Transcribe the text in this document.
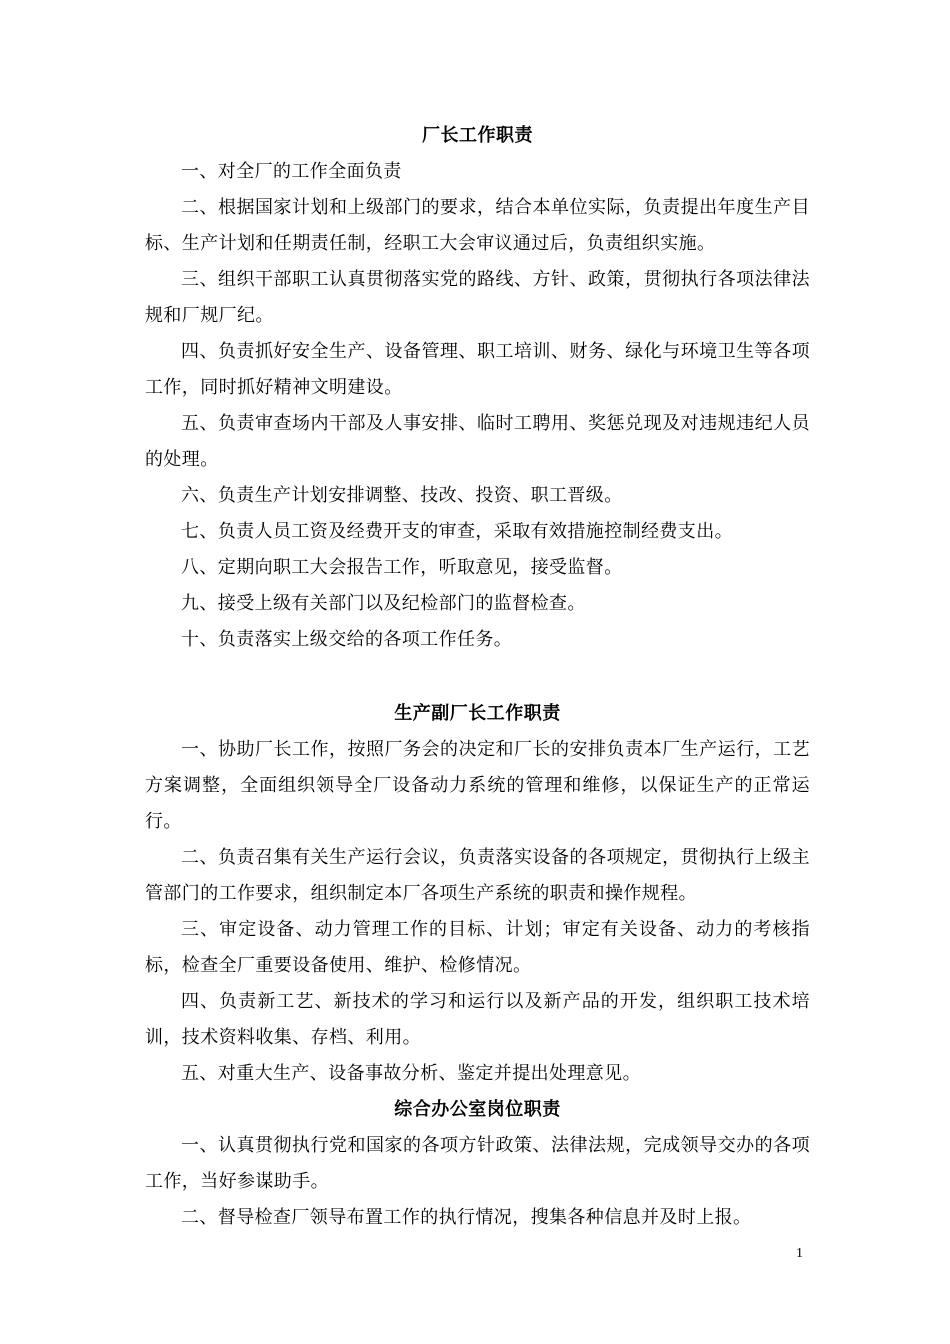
厂长工作职责

一、对全厂的工作全面负责

二、根据国家计划和上级部门的要求，结合本单位实际，负责提出年度生产目标、生产计划和任期责任制，经职工大会审议通过后，负责组织实施。

三、组织干部职工认真贯彻落实党的路线、方针、政策，贯彻执行各项法律法规和厂规厂纪。

四、负责抓好安全生产、设备管理、职工培训、财务、绿化与环境卫生等各项工作，同时抓好精神文明建设。

五、负责审查场内干部及人事安排、临时工聘用、奖惩兑现及对违规违纪人员的处理。

六、负责生产计划安排调整、技改、投资、职工晋级。

七、负责人员工资及经费开支的审查，采取有效措施控制经费支出。

八、定期向职工大会报告工作，听取意见，接受监督。

九、接受上级有关部门以及纪检部门的监督检查。

十、负责落实上级交给的各项工作任务。

生产副厂长工作职责

一、协助厂长工作，按照厂务会的决定和厂长的安排负责本厂生产运行，工艺方案调整，全面组织领导全厂设备动力系统的管理和维修，以保证生产的正常运行。

二、负责召集有关生产运行会议，负责落实设备的各项规定，贯彻执行上级主管部门的工作要求，组织制定本厂各项生产系统的职责和操作规程。

三、审定设备、动力管理工作的目标、计划；审定有关设备、动力的考核指标，检查全厂重要设备使用、维护、检修情况。

四、负责新工艺、新技术的学习和运行以及新产品的开发，组织职工技术培训，技术资料收集、存档、利用。

五、对重大生产、设备事故分析、鉴定并提出处理意见。

综合办公室岗位职责

一、认真贯彻执行党和国家的各项方针政策、法律法规，完成领导交办的各项工作，当好参谋助手。

二、督导检查厂领导布置工作的执行情况，搜集各种信息并及时上报。

1
